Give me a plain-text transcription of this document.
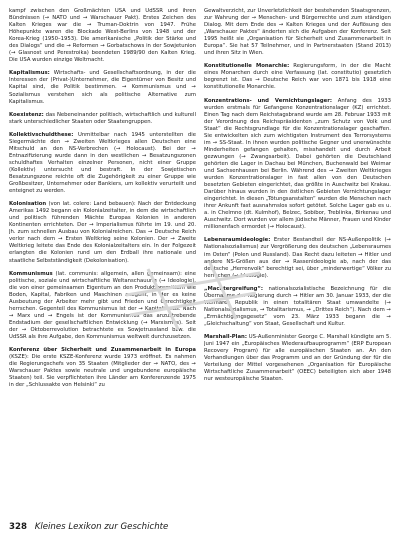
kampf zwischen den Großmächten USA und UdSSR und ihren Bündnissen (→ NATO und → Warschauer Pakt). Erstes Zeichen des Kalten Krieges war die → Truman-Doktrin von 1947. Frühe Höhepunkte waren die Blockade West-Berlins von 1948 und der Korea-Krieg (1950–1953). Die amerikanische „Politik der Stärke und des Dialogs“ und die → Reformen → Gorbatschows in der Sowjetunion (→ Glasnost und Perestroika) beendeten 1989/90 den Kalten Krieg. Die USA wurden einzige Weltmacht.

Kapitalismus: Wirtschafts- und Gesellschaftsordnung, in der die Interessen der (Privat-)Unternehmer, die Eigentümer von Besitz und Kapital sind, die Politik bestimmen. → Kommunismus und → Sozialismus verstehen sich als politische Alternative zum Kapitalismus.

Koexistenz: das Nebeneinander politisch, wirtschaftlich und kulturell stark unterschiedlicher Staaten oder Staatengruppen.

Kollektivschuldthese: Unmittelbar nach 1945 unterstellten die Siegermächte den → Zweiten Weltkrieges allen Deutschen eine Mitschuld an den NS-Verbrechen (→ Holocaust). Bei der → Entnazifizierung wurde dann in den westlichen → Besatzungszonen schuldhaftes Verhalten einzelner Personen, nicht einer Gruppe (Kollektiv) untersucht und bestraft. In der Sowjetischen Besatzungszone reichte oft die Zugehörigkeit zu einer Gruppe wie Großbesitzer, Unternehmer oder Bankiers, um kollektiv verurteilt und enteignet zu werden.

Kolonisation (von lat. colere: Land bebauen): Nach der Entdeckung Amerikas 1492 begann ein Kolonialzeitalter, in dem die wirtschaftlich und politisch führenden Mächte Europas Kolonien in anderen Kontinenten errichteten. Der → Imperialismus führte im 19. und 20. Jh. zum schnellen Ausbau von Kolonialreichen. Das → Deutsche Reich verlor nach dem → Ersten Weltkrieg seine Kolonien. Der → Zweite Weltkrieg leitete das Ende des Kolonialzeitalters ein. In der Folgezeit erlangten die Kolonien rund um den Erdball ihre nationale und staatliche Selbstständigkeit (Dekolonisation).

Kommunismus (lat. communis: allgemein, allen gemeinsam): eine politische, soziale und wirtschaftliche Weltanschauung (→ Ideologie), die von einer gemeinsamen Eigentum an den Produktionsmitteln wie Boden, Kapital, Fabriken und Maschinen ausgeht, in der es keine Ausbeutung der Arbeiter mehr gibt und Frieden und Gerechtigkeit herrschen. Gegenteil des Kommunismus ist der → Kapitalismus. Nach → Marx und → Engels ist der Kommunismus das anzustrebende Endstadium der gesellschaftlichen Entwicklung (→ Marxismus). Seit der → Oktoberrevolution betrachtete es Sowjetrussland bzw. die UdSSR als ihre Aufgabe, den Kommunismus weltweit durchzusetzen.

Konferenz über Sicherheit und Zusammenarbeit in Europa (KSZE): Die erste KSZE-Konferenz wurde 1973 eröffnet. Es nahmen die Regierungschefs von 35 Staaten (Mitglieder der → NATO, des → Warschauer Paktes sowie neutrale und ungebundene europäische Staaten) teil. Sie verpflichteten ihre Länder am Konferenzende 1975 in der „Schlussakte von Helsinki“ zu

Gewaltverzicht, zur Unverletzlichkeit der bestehenden Staatsgrenzen, zur Wahrung der → Menschen- und Bürgerrechte und zum ständigen Dialog. Mit dem Ende des → Kalten Krieges und der Auflösung des „Warschauer Paktes“ änderten sich die Aufgaben der Konferenz. Seit 1995 heißt sie „Organisation für Sicherheit und Zusammenarbeit in Europa“. Sie hat 57 Teilnehmer, und in Partnerstaaten (Stand 2013) und ihren Sitz in Wien.

Konstitutionelle Monarchie: Regierungsform, in der die Macht eines Monarchen durch eine Verfassung (lat. constitutio) gesetzlich begrenzt ist. Das → Deutsche Reich war von 1871 bis 1918 eine konstitutionelle Monarchie.

Konzentrations- und Vernichtungslager: Anfang des 1933 wurden erstmals für Gefangene Konzentrationslager (KZ) errichtet. Einen Tag nach dem Reichstagsbrand wurde am 28. Februar 1933 mit der Verordnung des Reichspräsidenten „zum Schutz von Volk und Staat“ die Rechtsgrundlage für die Konzentrationslager geschaffen. Sie entwickelten sich zum wichtigsten Instrument des Terrorsystems im → SS-Staat. In ihnen wurden politische Gegner und unerwünschte Minderheiten gefangen gehalten, misshandelt und durch Arbeit gezwungen (→ Zwangsarbeit). Dabei gehörten die Deutschland gehörten die Lager in Dachau bei München, Buchenwald bei Weimar und Sachsenhausen bei Berlin. Während des → Zweiten Weltkrieges wurden Konzentrationslager in fast allen von den Deutschen besetzten Gebieten eingerichtet, das größte in Auschwitz bei Krakau. Darüber hinaus wurden in den östlichen Gebieten Vernichtungslager eingerichtet. In diesen „Tötungsanstalten“ wurden die Menschen nach ihrer Ankunft fast ausnahmslos sofort getötet. Solche Lager gab es u. a. in Chelmno (dt. Kulmhof), Belzec, Sobibor, Treblinka, Birkenau und Auschwitz. Dort wurden vor allem jüdische Männer, Frauen und Kinder millionenfach ermordet (→ Holocaust).

Lebensraumideologie: Erster Bestandteil der NS-Außenpolitik (→ Nationalsozialismus) zur Vergrößerung des deutschen „Lebensraumes im Osten“ (Polen und Russland). Das Recht dazu leiteten → Hitler und andere NS-Größen aus der → Rassenideologie ab, nach der das deutsche „Herrenvolk“ berechtigt sei, über „minderwertige“ Völker zu herrschen (→ Ideologie).

„Machtergreifung“: nationalsozialistische Bezeichnung für die Übernahme der Regierung durch → Hitler am 30. Januar 1933, der die Weimarer Republik in einen totalitären Staat umwandelte (→ Nationalsozialismus, → Totalitarismus, → „Drittes Reich“). Nach dem → „Ermächtigungsgesetz“ vom 23. März 1933 begann die → „Gleichschaltung“ von Staat, Gesellschaft und Kultur.

Marshall-Plan: US-Außenminister George C. Marshall kündigte am 5. Juni 1947 ein „Europäisches Wiederaufbauprogramm“ (ERP European Recovery Program) für alle europäischen Staaten an. An den Verhandlungen über das Programm und an der Gründung der für die Verteilung der Mittel vorgesehenen „Organisation für Europäische Wirtschaftliche Zusammenarbeit“ (OEEC) beteiligten sich aber 1948 nur westeuropäische Staaten.

328 Kleines Lexikon zur Geschichte
